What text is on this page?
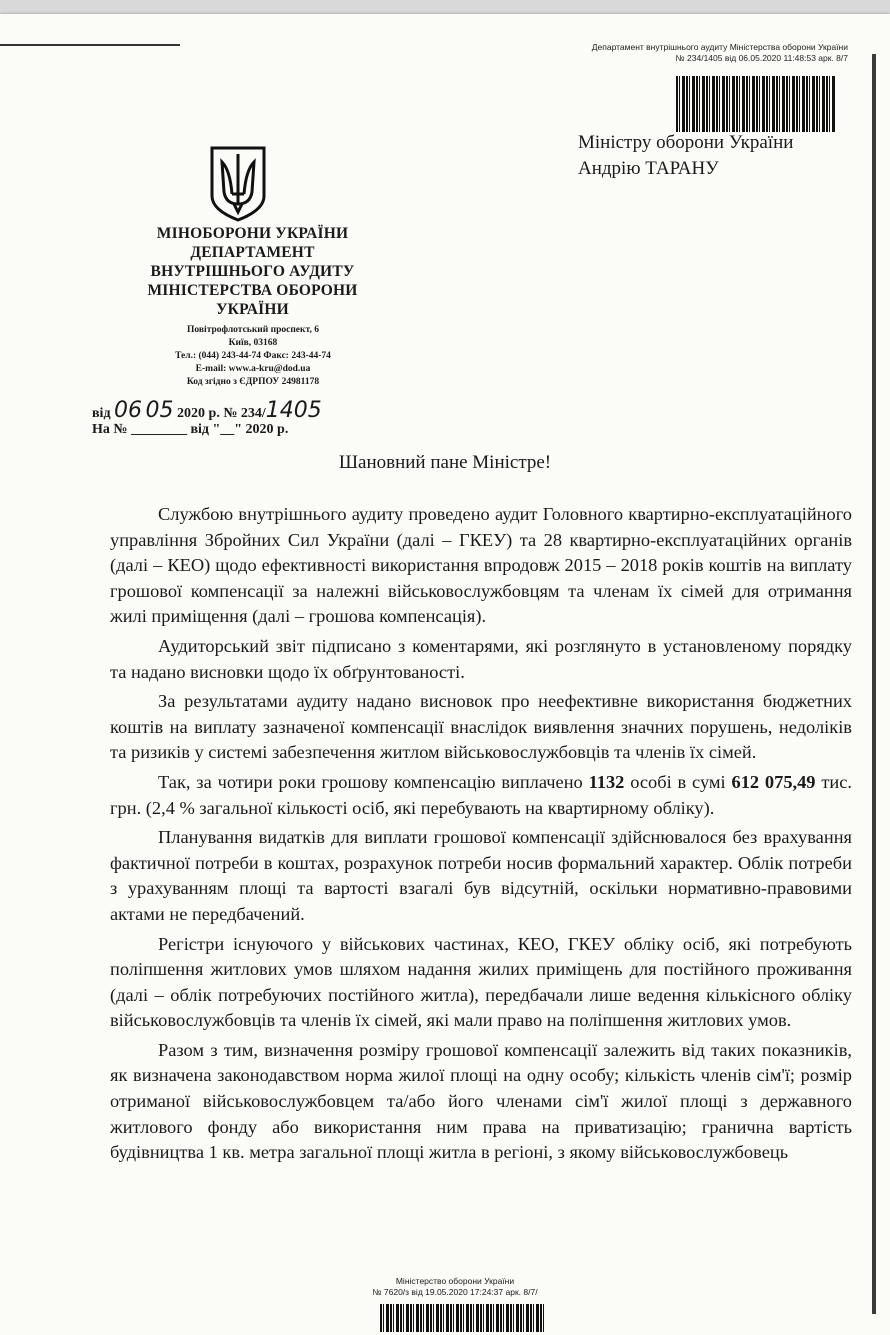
Департамент внутрішнього аудиту Міністерства оборони України
№ 234/1405 від 06.05.2020 11:48:53 арк. 8/7
Міністру оборони України
Андрію ТАРАНУ
МІНОБОРОНИ УКРАЇНИ
ДЕПАРТАМЕНТ
ВНУТРІШНЬОГО АУДИТУ
МІНІСТЕРСТВА ОБОРОНИ
УКРАЇНИ
Повітрофлотський проспект, 6
Київ, 03168
Тел.: (044) 243-44-74 Факс: 243-44-74
E-mail: www.a-kru@dod.ua
Код згідно з ЄДРПОУ 24981178
від 06 05 2020 р. № 234/1405
На № ________ від "__" 2020 р.
Шановний пане Міністре!

Службою внутрішнього аудиту проведено аудит Головного квартирно-експлуатаційного управління Збройних Сил України (далі – ГКЕУ) та 28 квартирно-експлуатаційних органів (далі – КЕО) щодо ефективності використання впродовж 2015 – 2018 років коштів на виплату грошової компенсації за належні військовослужбовцям та членам їх сімей для отримання жилі приміщення (далі – грошова компенсація).

Аудиторський звіт підписано з коментарями, які розглянуто в установленому порядку та надано висновки щодо їх обґрунтованості.

За результатами аудиту надано висновок про неефективне використання бюджетних коштів на виплату зазначеної компенсації внаслідок виявлення значних порушень, недоліків та ризиків у системі забезпечення житлом військовослужбовців та членів їх сімей.

Так, за чотири роки грошову компенсацію виплачено 1132 особі в сумі 612 075,49 тис. грн. (2,4 % загальної кількості осіб, які перебувають на квартирному обліку).

Планування видатків для виплати грошової компенсації здійснювалося без врахування фактичної потреби в коштах, розрахунок потреби носив формальний характер. Облік потреби з урахуванням площі та вартості взагалі був відсутній, оскільки нормативно-правовими актами не передбачений.

Регістри існуючого у військових частинах, КЕО, ГКЕУ обліку осіб, які потребують поліпшення житлових умов шляхом надання жилих приміщень для постійного проживання (далі – облік потребуючих постійного житла), передбачали лише ведення кількісного обліку військовослужбовців та членів їх сімей, які мали право на поліпшення житлових умов.

Разом з тим, визначення розміру грошової компенсації залежить від таких показників, як визначена законодавством норма жилої площі на одну особу; кількість членів сім'ї; розмір отриманої військовослужбовцем та/або його членами сім'ї жилої площі з державного житлового фонду або використання ним права на приватизацію; гранична вартість будівництва 1 кв. метра загальної площі житла в регіоні, з якому військовослужбовець

Міністерство оборони України
№ 7620/з від 19.05.2020 17:24:37 арк. 8/7/
